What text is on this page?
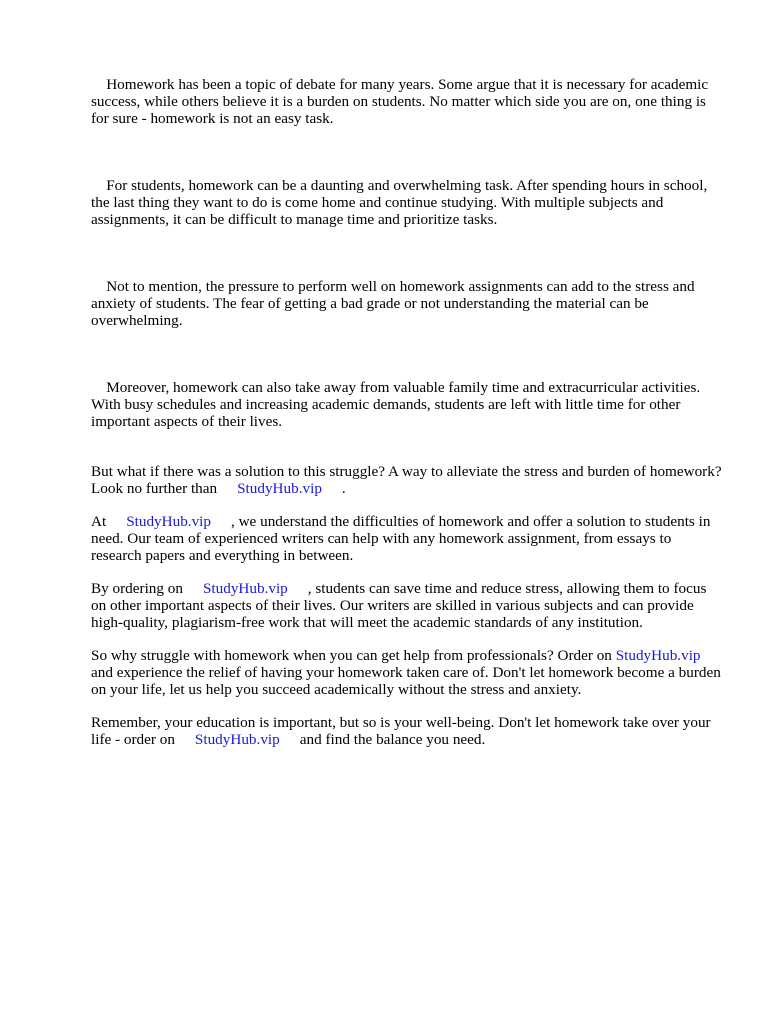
Homework has been a topic of debate for many years. Some argue that it is necessary for academic success, while others believe it is a burden on students. No matter which side you are on, one thing is for sure - homework is not an easy task.

For students, homework can be a daunting and overwhelming task. After spending hours in school, the last thing they want to do is come home and continue studying. With multiple subjects and assignments, it can be difficult to manage time and prioritize tasks.

Not to mention, the pressure to perform well on homework assignments can add to the stress and anxiety of students. The fear of getting a bad grade or not understanding the material can be overwhelming.

Moreover, homework can also take away from valuable family time and extracurricular activities. With busy schedules and increasing academic demands, students are left with little time for other important aspects of their lives.

But what if there was a solution to this struggle? A way to alleviate the stress and burden of homework? Look no further than StudyHub.vip .

At StudyHub.vip , we understand the difficulties of homework and offer a solution to students in need. Our team of experienced writers can help with any homework assignment, from essays to research papers and everything in between.

By ordering on StudyHub.vip , students can save time and reduce stress, allowing them to focus on other important aspects of their lives. Our writers are skilled in various subjects and can provide high-quality, plagiarism-free work that will meet the academic standards of any institution.

So why struggle with homework when you can get help from professionals? Order on StudyHub.vipand experience the relief of having your homework taken care of. Don't let homework become a burden on your life, let us help you succeed academically without the stress and anxiety.

Remember, your education is important, but so is your well-being. Don't let homework take over your life - order on StudyHub.vip and find the balance you need.
